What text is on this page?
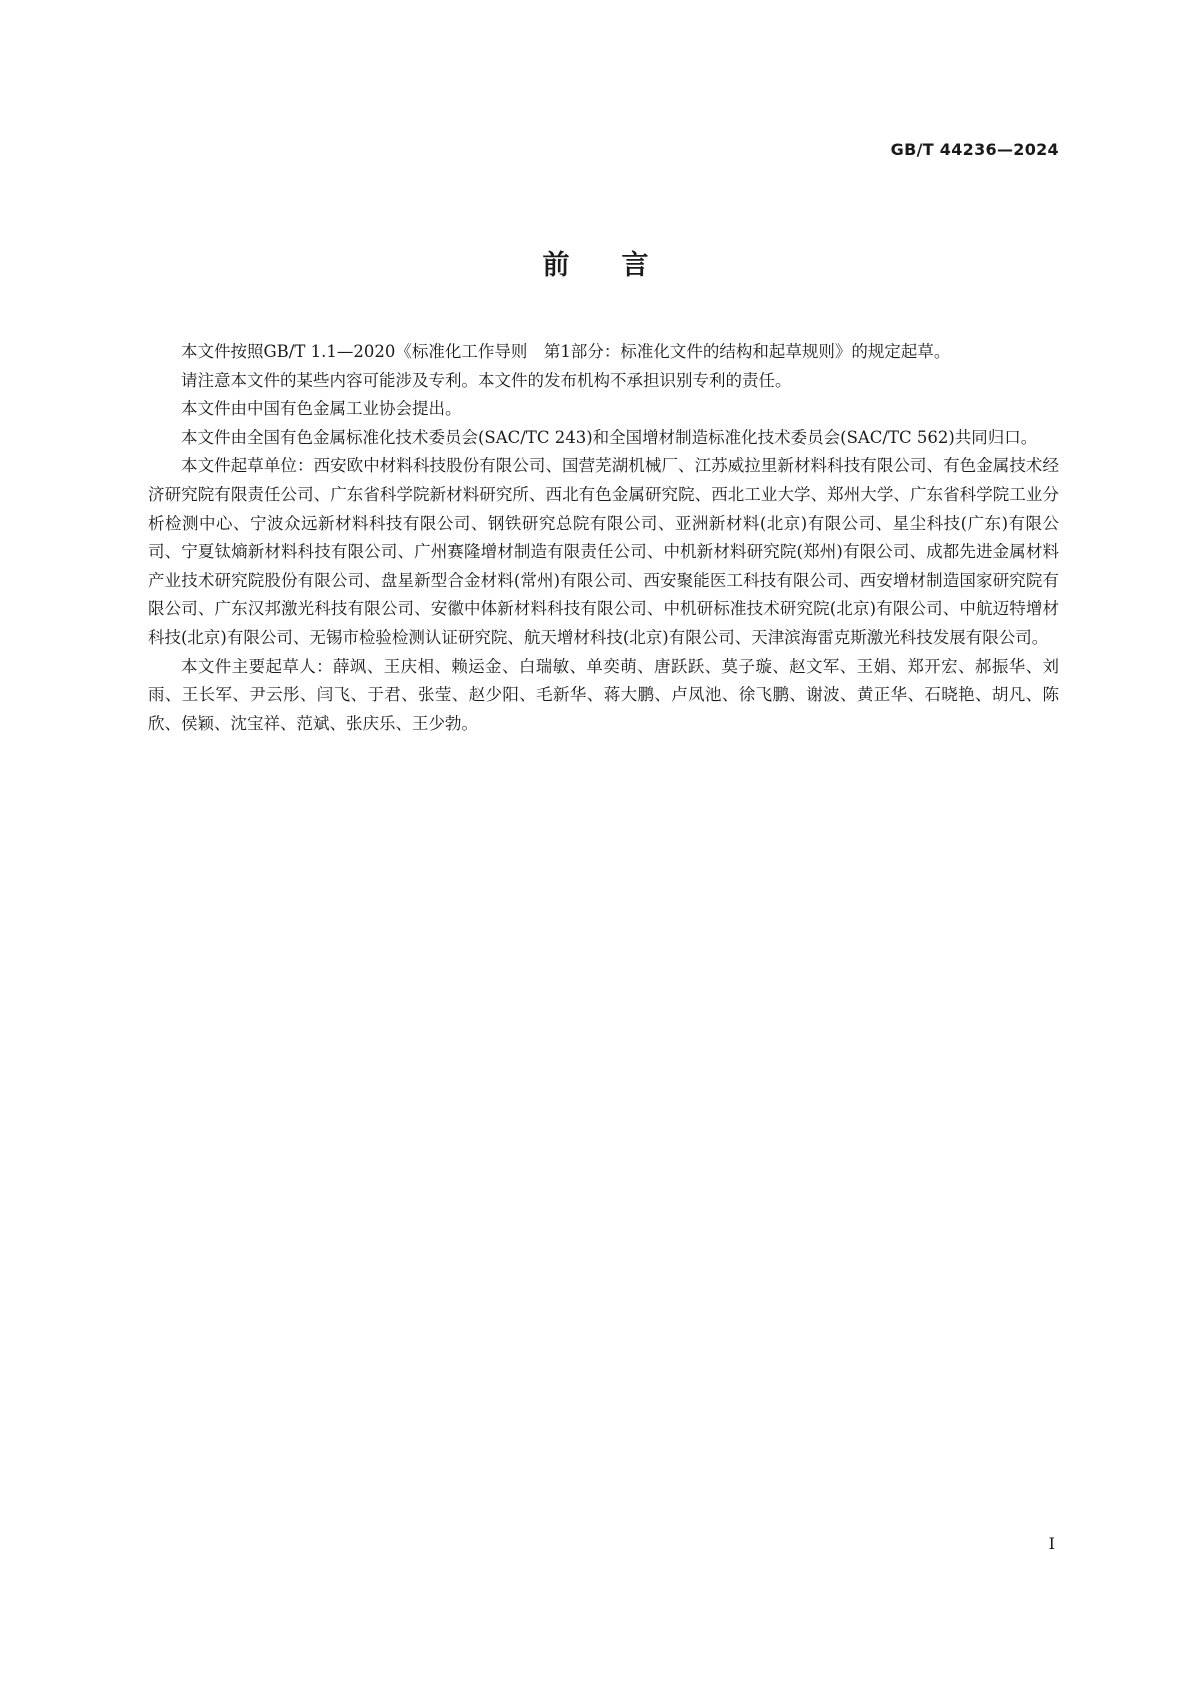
GB/T 44236—2024
前言

本文件按照GB/T 1.1—2020《标准化工作导则　第1部分：标准化文件的结构和起草规则》的规定起草。

请注意本文件的某些内容可能涉及专利。本文件的发布机构不承担识别专利的责任。

本文件由中国有色金属工业协会提出。

本文件由全国有色金属标准化技术委员会(SAC/TC 243)和全国增材制造标准化技术委员会(SAC/TC 562)共同归口。

本文件起草单位：西安欧中材料科技股份有限公司、国营芜湖机械厂、江苏威拉里新材料科技有限公司、有色金属技术经济研究院有限责任公司、广东省科学院新材料研究所、西北有色金属研究院、西北工业大学、郑州大学、广东省科学院工业分析检测中心、宁波众远新材料科技有限公司、钢铁研究总院有限公司、亚洲新材料(北京)有限公司、星尘科技(广东)有限公司、宁夏钛熵新材料科技有限公司、广州赛隆增材制造有限责任公司、中机新材料研究院(郑州)有限公司、成都先进金属材料产业技术研究院股份有限公司、盘星新型合金材料(常州)有限公司、西安聚能医工科技有限公司、西安增材制造国家研究院有限公司、广东汉邦激光科技有限公司、安徽中体新材料科技有限公司、中机研标准技术研究院(北京)有限公司、中航迈特增材科技(北京)有限公司、无锡市检验检测认证研究院、航天增材科技(北京)有限公司、天津滨海雷克斯激光科技发展有限公司。

本文件主要起草人：薛飒、王庆相、赖运金、白瑞敏、单奕萌、唐跃跃、莫子璇、赵文军、王娟、郑开宏、郝振华、刘雨、王长军、尹云彤、闫飞、于君、张莹、赵少阳、毛新华、蒋大鹏、卢凤池、徐飞鹏、谢波、黄正华、石晓艳、胡凡、陈欣、侯颖、沈宝祥、范斌、张庆乐、王少勃。

I
